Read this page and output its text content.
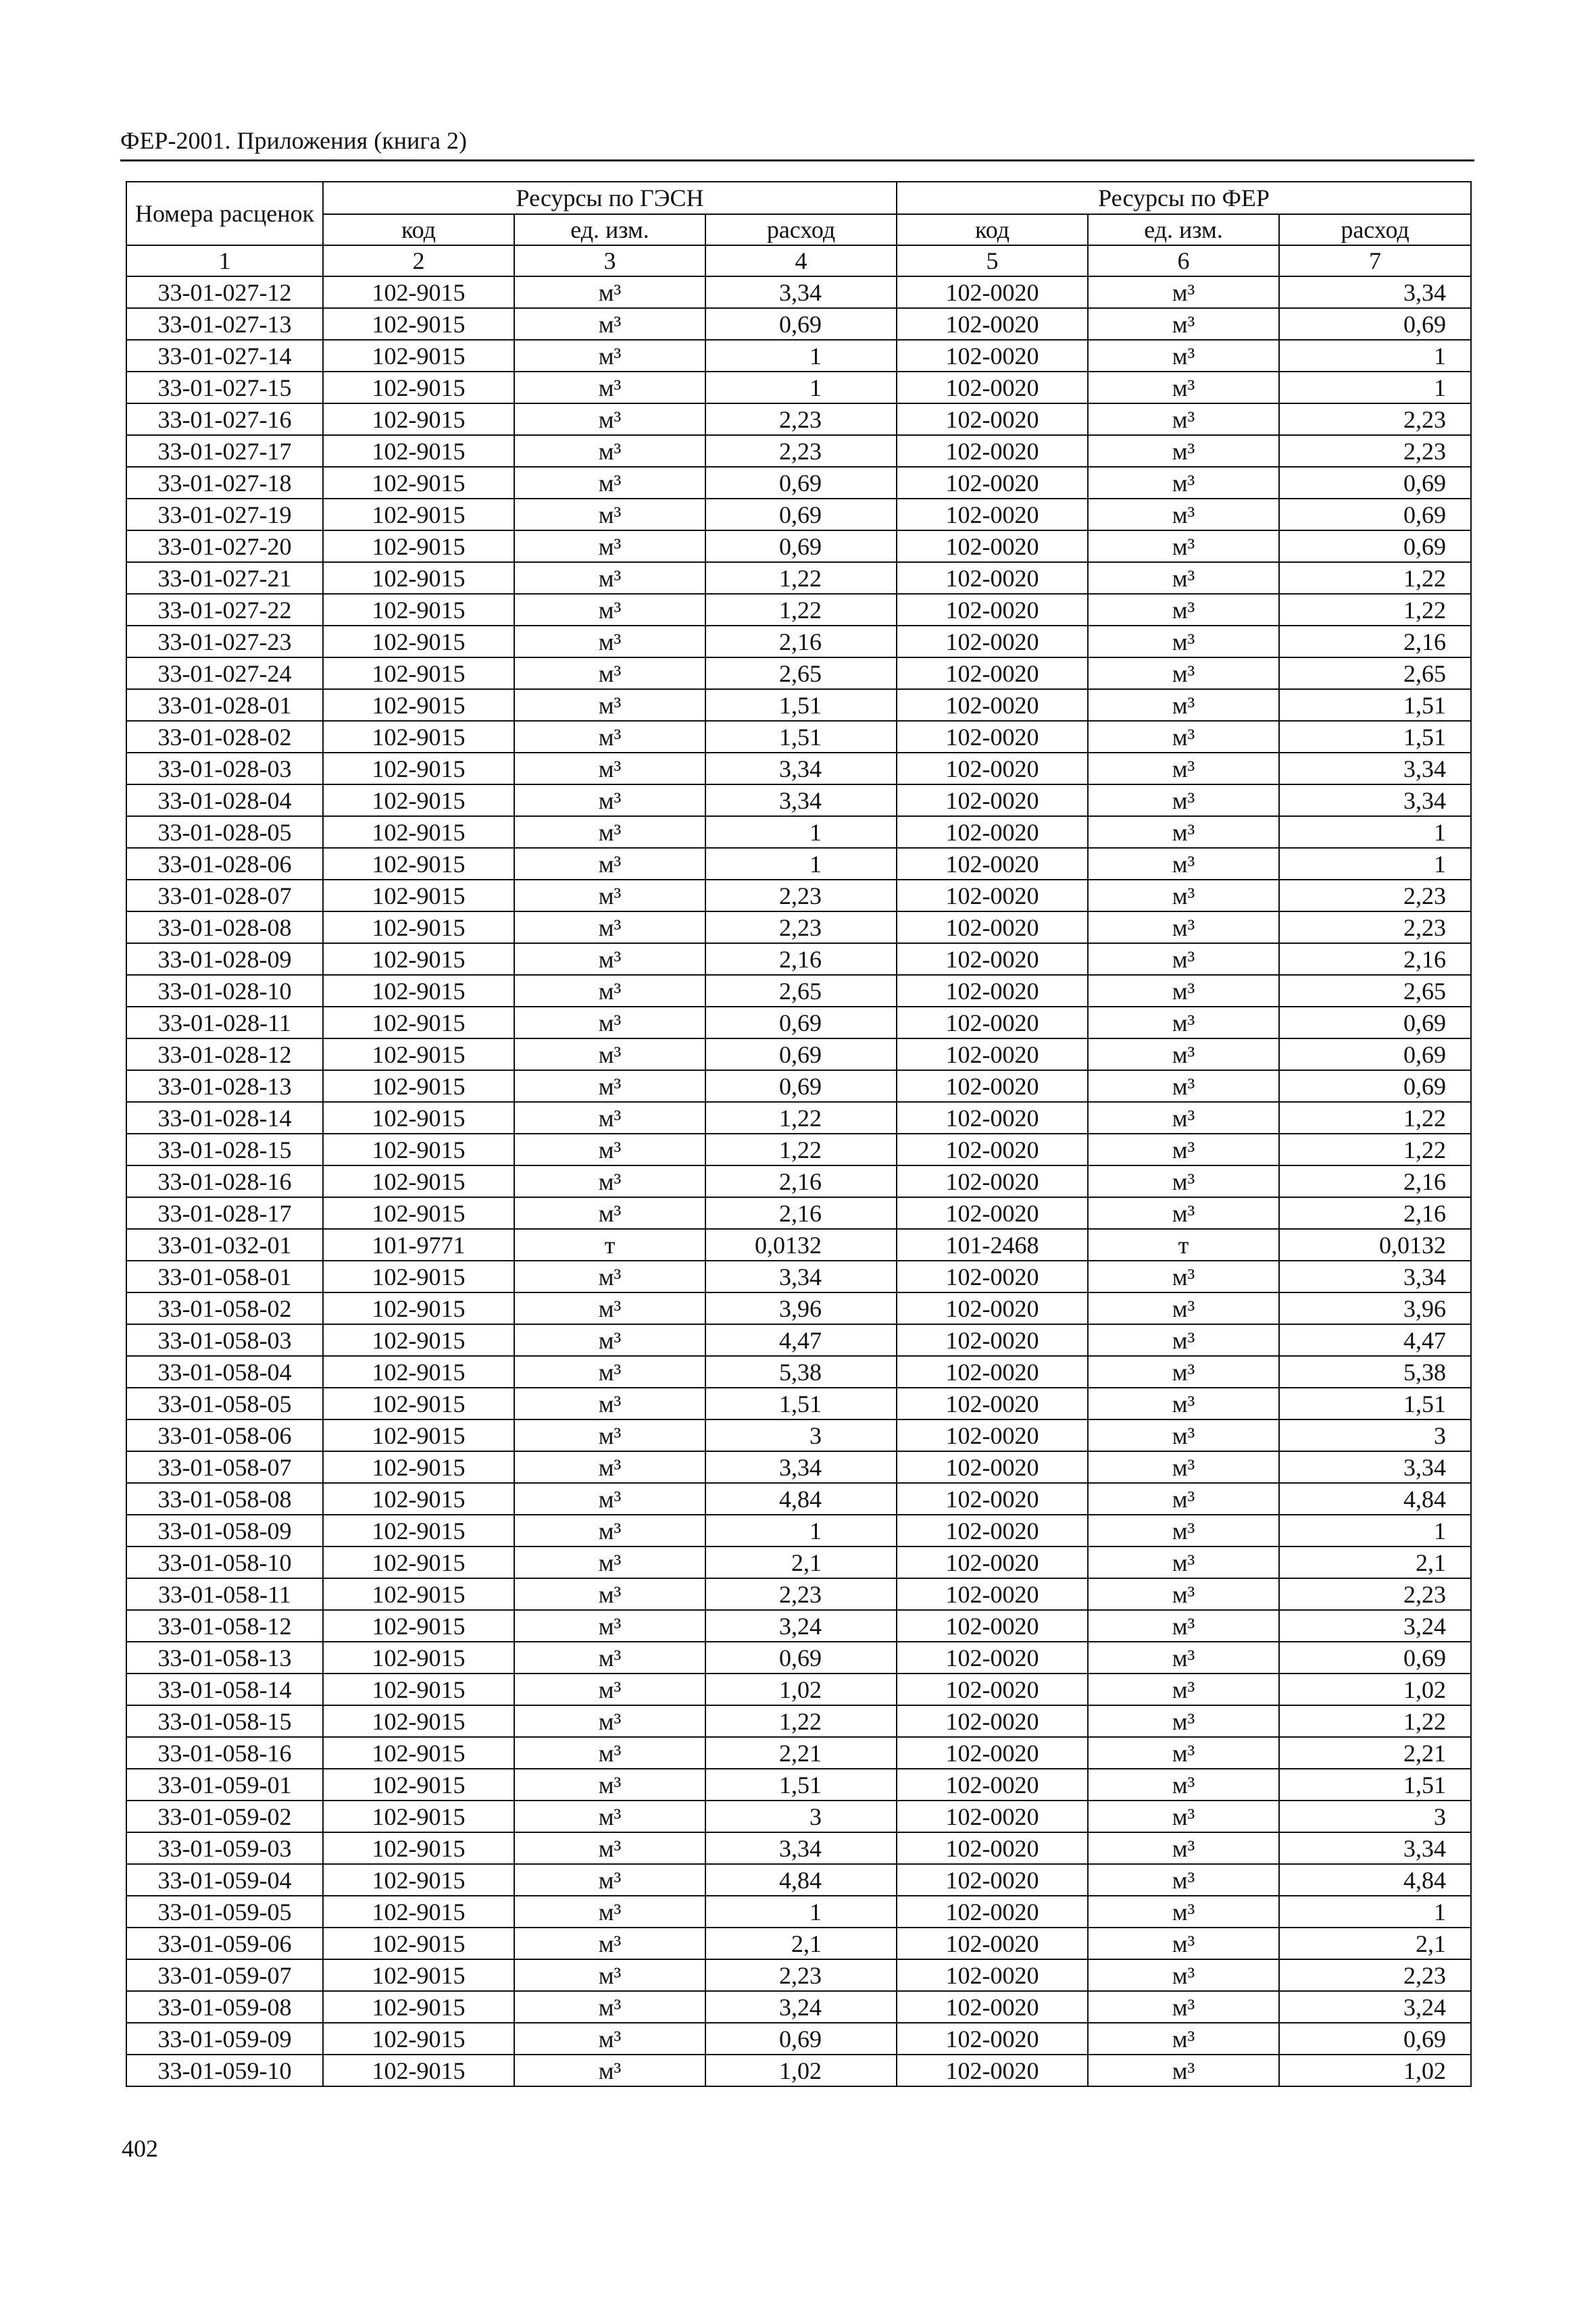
ФЕР-2001. Приложения (книга 2)
Номера расценок	Ресурсы по ГЭСН			Ресурсы по ФЕР		
	код	ед. изм.	расход	код	ед. изм.	расход
1	2	3	4	5	6	7
33-01-027-12	102-9015	м³	3,34	102-0020	м³	3,34
33-01-027-13	102-9015	м³	0,69	102-0020	м³	0,69
33-01-027-14	102-9015	м³	1	102-0020	м³	1
33-01-027-15	102-9015	м³	1	102-0020	м³	1
33-01-027-16	102-9015	м³	2,23	102-0020	м³	2,23
33-01-027-17	102-9015	м³	2,23	102-0020	м³	2,23
33-01-027-18	102-9015	м³	0,69	102-0020	м³	0,69
33-01-027-19	102-9015	м³	0,69	102-0020	м³	0,69
33-01-027-20	102-9015	м³	0,69	102-0020	м³	0,69
33-01-027-21	102-9015	м³	1,22	102-0020	м³	1,22
33-01-027-22	102-9015	м³	1,22	102-0020	м³	1,22
33-01-027-23	102-9015	м³	2,16	102-0020	м³	2,16
33-01-027-24	102-9015	м³	2,65	102-0020	м³	2,65
33-01-028-01	102-9015	м³	1,51	102-0020	м³	1,51
33-01-028-02	102-9015	м³	1,51	102-0020	м³	1,51
33-01-028-03	102-9015	м³	3,34	102-0020	м³	3,34
33-01-028-04	102-9015	м³	3,34	102-0020	м³	3,34
33-01-028-05	102-9015	м³	1	102-0020	м³	1
33-01-028-06	102-9015	м³	1	102-0020	м³	1
33-01-028-07	102-9015	м³	2,23	102-0020	м³	2,23
33-01-028-08	102-9015	м³	2,23	102-0020	м³	2,23
33-01-028-09	102-9015	м³	2,16	102-0020	м³	2,16
33-01-028-10	102-9015	м³	2,65	102-0020	м³	2,65
33-01-028-11	102-9015	м³	0,69	102-0020	м³	0,69
33-01-028-12	102-9015	м³	0,69	102-0020	м³	0,69
33-01-028-13	102-9015	м³	0,69	102-0020	м³	0,69
33-01-028-14	102-9015	м³	1,22	102-0020	м³	1,22
33-01-028-15	102-9015	м³	1,22	102-0020	м³	1,22
33-01-028-16	102-9015	м³	2,16	102-0020	м³	2,16
33-01-028-17	102-9015	м³	2,16	102-0020	м³	2,16
33-01-032-01	101-9771	т	0,0132	101-2468	т	0,0132
33-01-058-01	102-9015	м³	3,34	102-0020	м³	3,34
33-01-058-02	102-9015	м³	3,96	102-0020	м³	3,96
33-01-058-03	102-9015	м³	4,47	102-0020	м³	4,47
33-01-058-04	102-9015	м³	5,38	102-0020	м³	5,38
33-01-058-05	102-9015	м³	1,51	102-0020	м³	1,51
33-01-058-06	102-9015	м³	3	102-0020	м³	3
33-01-058-07	102-9015	м³	3,34	102-0020	м³	3,34
33-01-058-08	102-9015	м³	4,84	102-0020	м³	4,84
33-01-058-09	102-9015	м³	1	102-0020	м³	1
33-01-058-10	102-9015	м³	2,1	102-0020	м³	2,1
33-01-058-11	102-9015	м³	2,23	102-0020	м³	2,23
33-01-058-12	102-9015	м³	3,24	102-0020	м³	3,24
33-01-058-13	102-9015	м³	0,69	102-0020	м³	0,69
33-01-058-14	102-9015	м³	1,02	102-0020	м³	1,02
33-01-058-15	102-9015	м³	1,22	102-0020	м³	1,22
33-01-058-16	102-9015	м³	2,21	102-0020	м³	2,21
33-01-059-01	102-9015	м³	1,51	102-0020	м³	1,51
33-01-059-02	102-9015	м³	3	102-0020	м³	3
33-01-059-03	102-9015	м³	3,34	102-0020	м³	3,34
33-01-059-04	102-9015	м³	4,84	102-0020	м³	4,84
33-01-059-05	102-9015	м³	1	102-0020	м³	1
33-01-059-06	102-9015	м³	2,1	102-0020	м³	2,1
33-01-059-07	102-9015	м³	2,23	102-0020	м³	2,23
33-01-059-08	102-9015	м³	3,24	102-0020	м³	3,24
33-01-059-09	102-9015	м³	0,69	102-0020	м³	0,69
33-01-059-10	102-9015	м³	1,02	102-0020	м³	1,02
402
